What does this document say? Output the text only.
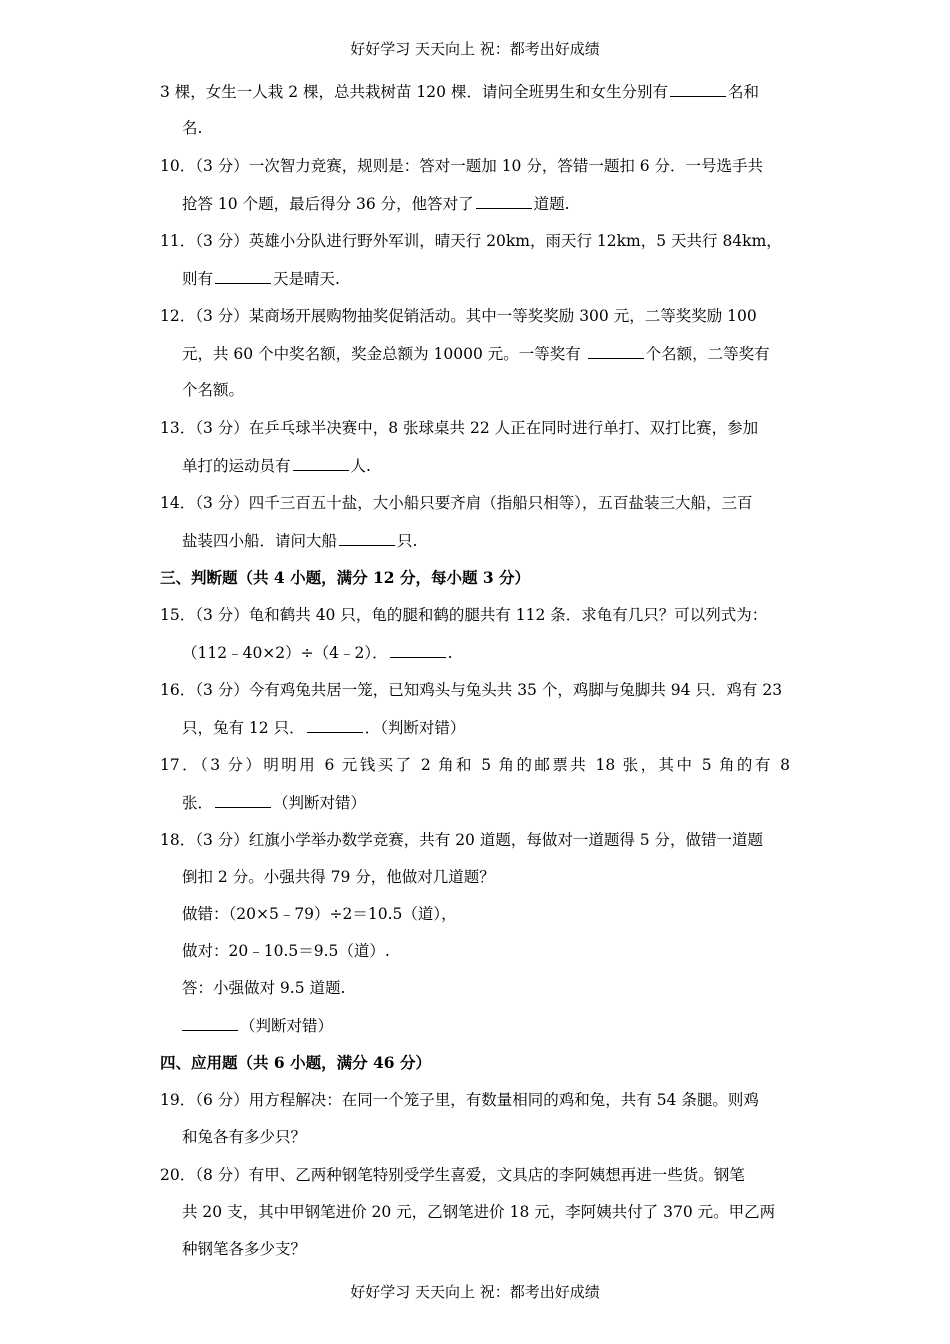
好好学习 天天向上 祝：都考出好成绩
3 棵，女生一人栽 2 棵，总共栽树苗 120 棵．请问全班男生和女生分别有	名和
名.
10．（3 分）一次智力竞赛，规则是：答对一题加 10 分，答错一题扣 6 分．一号选手共
抢答 10 个题，最后得分 36 分，他答对了	道题.
11．（3 分）英雄小分队进行野外军训，晴天行 20km，雨天行 12km，5 天共行 84km，
则有	天是晴天.
12．（3 分）某商场开展购物抽奖促销活动。其中一等奖奖励 300 元，二等奖奖励 100
元，共 60 个中奖名额，奖金总额为 10000 元。一等奖有	个名额，二等奖有
个名额。
13．（3 分）在乒乓球半决赛中，8 张球桌共 22 人正在同时进行单打、双打比赛，参加
单打的运动员有	人.
14．（3 分）四千三百五十盐，大小船只要齐肩（指船只相等），五百盐装三大船，三百
盐装四小船．请问大船	只.
三、判断题（共 4 小题，满分 12 分，每小题 3 分）
15．（3 分）龟和鹤共 40 只，龟的腿和鹤的腿共有 112 条．求龟有几只？可以列式为：
（112﹣40×2）÷（4﹣2）．	.
16．（3 分）今有鸡兔共居一笼，已知鸡头与兔头共 35 个，鸡脚与兔脚共 94 只．鸡有 23
只，兔有 12 只．	．（判断对错）
17．（3 分）明明用 6 元钱买了 2 角和 5 角的邮票共 18 张，其中 5 角的有 8
张．	（判断对错）
18．（3 分）红旗小学举办数学竞赛，共有 20 道题，每做对一道题得 5 分，做错一道题
倒扣 2 分。小强共得 79 分，他做对几道题？
做错：（20×5﹣79）÷2＝10.5（道），
做对：20﹣10.5＝9.5（道）.
答：小强做对 9.5 道题.
（判断对错）
四、应用题（共 6 小题，满分 46 分）
19．（6 分）用方程解决：在同一个笼子里，有数量相同的鸡和兔，共有 54 条腿。则鸡
和兔各有多少只？
20．（8 分）有甲、乙两种钢笔特别受学生喜爱，文具店的李阿姨想再进一些货。钢笔
共 20 支，其中甲钢笔进价 20 元，乙钢笔进价 18 元，李阿姨共付了 370 元。甲乙两
种钢笔各多少支？
好好学习 天天向上 祝：都考出好成绩
